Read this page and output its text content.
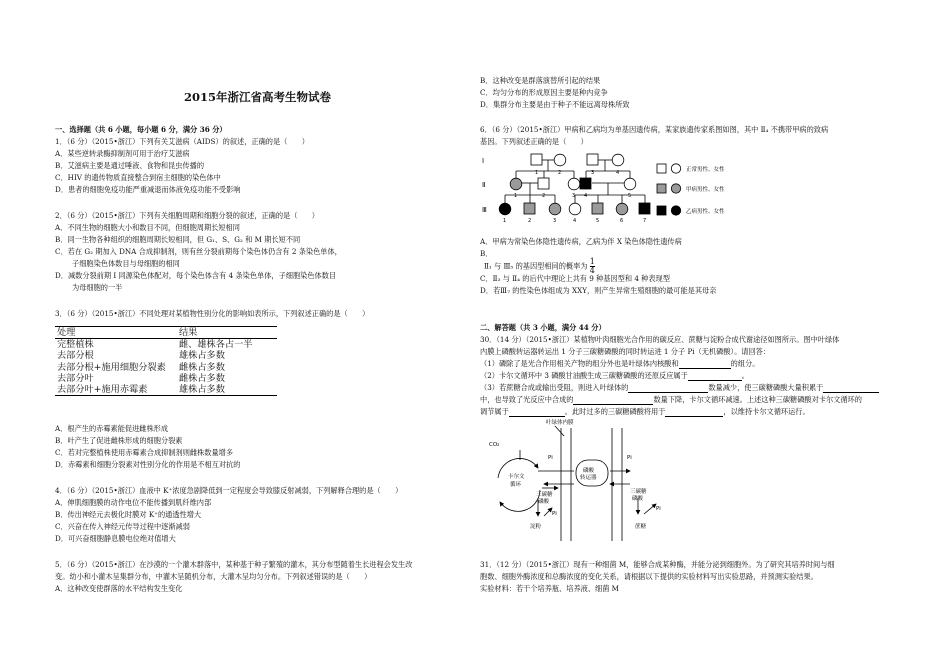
2015年浙江省高考生物试卷
一、选择题（共 6 小题，每小题 6 分，满分 36 分）
1．（6 分）（2015•浙江）下列有关艾滋病（AIDS）的叙述，正确的是（　　）
A．某些逆转录酶抑制剂可用于治疗艾滋病
B．艾滋病主要是通过唾液、食物和昆虫传播的
C．HIV 的遗传物质直接整合到宿主细胞的染色体中
D．患者的细胞免疫功能严重减退而体液免疫功能不受影响
2．（6 分）（2015•浙江）下列有关细胞周期和细胞分裂的叙述，正确的是（　　）
A．不同生物的细胞大小和数目不同，但细胞周期长短相同
B．同一生物各种组织的细胞周期长短相同，但 G₁、S、G₂ 和 M 期长短不同
C．若在 G₂ 期加入 DNA 合成抑制剂，则有丝分裂前期每个染色体仍含有 2 条染色单体，
子细胞染色体数目与母细胞的相同
D．减数分裂前期 I 同源染色体配对，每个染色体含有 4 条染色单体，子细胞染色体数目
为母细胞的一半
3．（6 分）（2015•浙江）不同处理对某植物性别分化的影响如表所示，下列叙述正确的是（　　）
处理	结果
完整植株	雌、雄株各占一半
去部分根	雄株占多数
去部分根+施用细胞分裂素	雌株占多数
去部分叶	雌株占多数
去部分叶+施用赤霉素	雄株占多数
A．根产生的赤霉素能促进雌株形成
B．叶产生了促进雌株形成的细胞分裂素
C．若对完整植株使用赤霉素合成抑制剂则雌株数量增多
D．赤霉素和细胞分裂素对性别分化的作用是不相互对抗的
4．（6 分）（2015•浙江）血液中 K⁺浓度急剧降低到一定程度会导致膝反射减弱，下列解释合理的是（　　）
A．伸肌细胞膜的动作电位不能传播到肌纤维内部
B．传出神经元去极化时膜对 K⁺的通透性增大
C．兴奋在传入神经元传导过程中逐渐减弱
D．可兴奋细胞静息膜电位绝对值增大
5．（6 分）（2015•浙江）在沙漠的一个灌木群落中，某种基于种子繁殖的灌木，其分布型随着生长进程会发生改
变。幼小和小灌木呈集群分布，中灌木呈随机分布，大灌木呈均匀分布。下列叙述错误的是（　　）
A．这种改变使群落的水平结构发生变化
B．这种改变是群落演替所引起的结果
C．均匀分布的形成原因主要是种内竞争
D．集群分布主要是由于种子不能远离母株所致
6．（6 分）（2015•浙江）甲病和乙病均为单基因遗传病，某家族遗传家系图如图，其中 Ⅱ₄ 不携带甲病的致病
基因。下列叙述正确的是（　　）
Ⅰ
Ⅱ
Ⅲ
1	2	3	4
1	2	3 4	5
1	2	3	4	5	6	7
正常男性、女性
甲病男性、女性
乙病男性、女性
A．甲病为常染色体隐性遗传病，乙病为伴 X 染色体隐性遗传病
B．
Ⅱ₁ 与 Ⅲ₅ 的基因型相同的概率为 $\frac{1}{4}$
C．Ⅱ₃ 与 Ⅱ₄ 的后代中理论上共有 9 种基因型和 4 种表现型
D．若Ⅲ₇ 的性染色体组成为 XXY，则产生异常生殖细胞的最可能是其母亲
二、解答题（共 3 小题，满分 44 分）
30．（14 分）（2015•浙江）某植物叶肉细胞光合作用的碳反应、蔗糖与淀粉合成代谢途径如图所示。图中叶绿体
内膜上磷酸转运器转运出 1 分子三碳糖磷酸的同时转运进 1 分子 Pi（无机磷酸）。请回答：
（1）磷除了是光合作用相关产物的组分外也是叶绿体内核酸和	的组分。
（2）卡尔文循环中 3 磷酸甘油酸生成三碳糖磷酸的还原反应属于	。
（3）若蔗糖合成或输出受阻，则进入叶绿体的	数量减少，使三碳糖磷酸大量积累于
中，也导致了光反应中合成的	数量下降，卡尔文循环减速。上述这种三碳糖磷酸对卡尔文循环的
调节属于	。此时过多的三碳糖磷酸将用于	，以维持卡尔文循环运行。
叶绿体内膜
CO₂
卡尔文
循环
淀粉
三碳糖
磷酸
磷酸
转运器
三碳糖
磷酸
Pi	Pi
蔗糖
Pi
Pi
31．（12 分）（2015•浙江）现有一种细菌 M，能够合成某种酶，并能分泌到细胞外。为了研究其培养时间与细
胞数、细胞外酶浓度和总酶浓度的变化关系，请根据以下提供的实验材料写出实验思路，并预测实验结果。
实验材料：若干个培养瓶、培养液、细菌 M
